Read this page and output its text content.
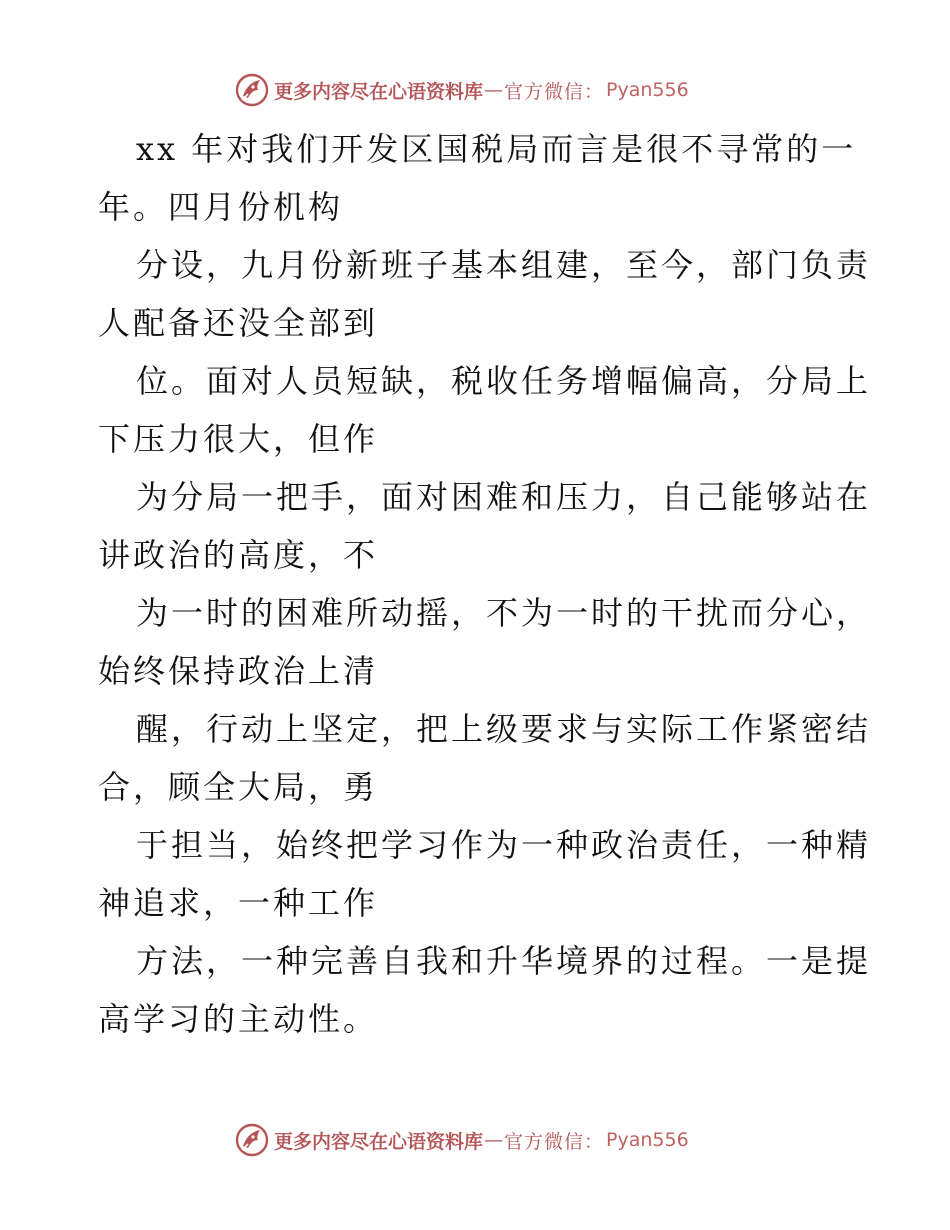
更多内容尽在心语资料库 — 官方微信： Pyan556

xx 年对我们开发区国税局而言是很不寻常的一
年。四月份机构

分设，九月份新班子基本组建，至今，部门负责
人配备还没全部到

位。面对人员短缺，税收任务增幅偏高，分局上
下压力很大，但作

为分局一把手，面对困难和压力，自己能够站在
讲政治的高度，不

为一时的困难所动摇，不为一时的干扰而分心，
始终保持政治上清

醒，行动上坚定，把上级要求与实际工作紧密结
合，顾全大局，勇

于担当，始终把学习作为一种政治责任，一种精
神追求，一种工作

方法，一种完善自我和升华境界的过程。一是提
高学习的主动性。

更多内容尽在心语资料库 — 官方微信： Pyan556
